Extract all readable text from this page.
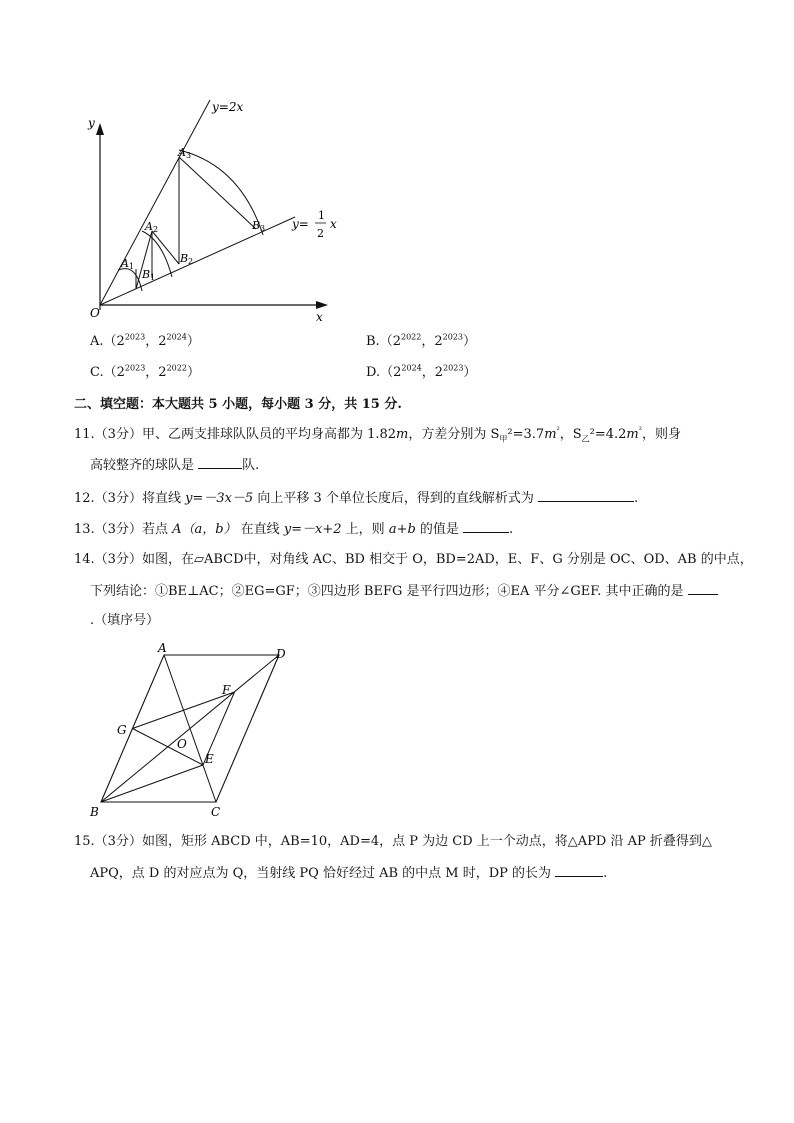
y
x
O
y=2x
y=
1
2
x
A 1
B 1
A 2
B 2
A 3
B 3
$A.(2^{2023}$，$2^{2024}$）	$B.(2^{2022}$，$2^{2023}$）
$C.(2^{2023}$，$2^{2022}$）	$D.(2^{2024}$，$2^{2023}$）
二、填空题：本大题共 5 小题，每小题 3 分，共 15 分.
11.（3分）甲、乙两支排球队队员的平均身高都为 1.82m，方差分别为 $S_甲^2=3.7m^{^2}$，$S_乙^2=4.2m^{^2}$，则身
高较整齐的球队是	队.
12.（3分）将直线 y=－3x－5 向上平移 3 个单位长度后，得到的直线解析式为	.
13.（3分）若点 A（a，b） 在直线 y=－x+2 上，则 a+b 的值是	.
14.（3分）如图，在▱ABCD中，对角线 AC、BD 相交于 O，BD=2AD，E、F、G 分别是 OC、OD、AB 的中点，
下列结论：①BE⊥AC；②EG=GF；③四边形 BEFG 是平行四边形；④EA 平分∠GEF. 其中正确的是
.（填序号）
A	D
B	C
G
F
O
E
15.（3分）如图，矩形 ABCD 中，AB=10，AD=4，点 P 为边 CD 上一个动点，将△APD 沿 AP 折叠得到△
APQ，点 D 的对应点为 Q，当射线 PQ 恰好经过 AB 的中点 M 时，DP 的长为	.
